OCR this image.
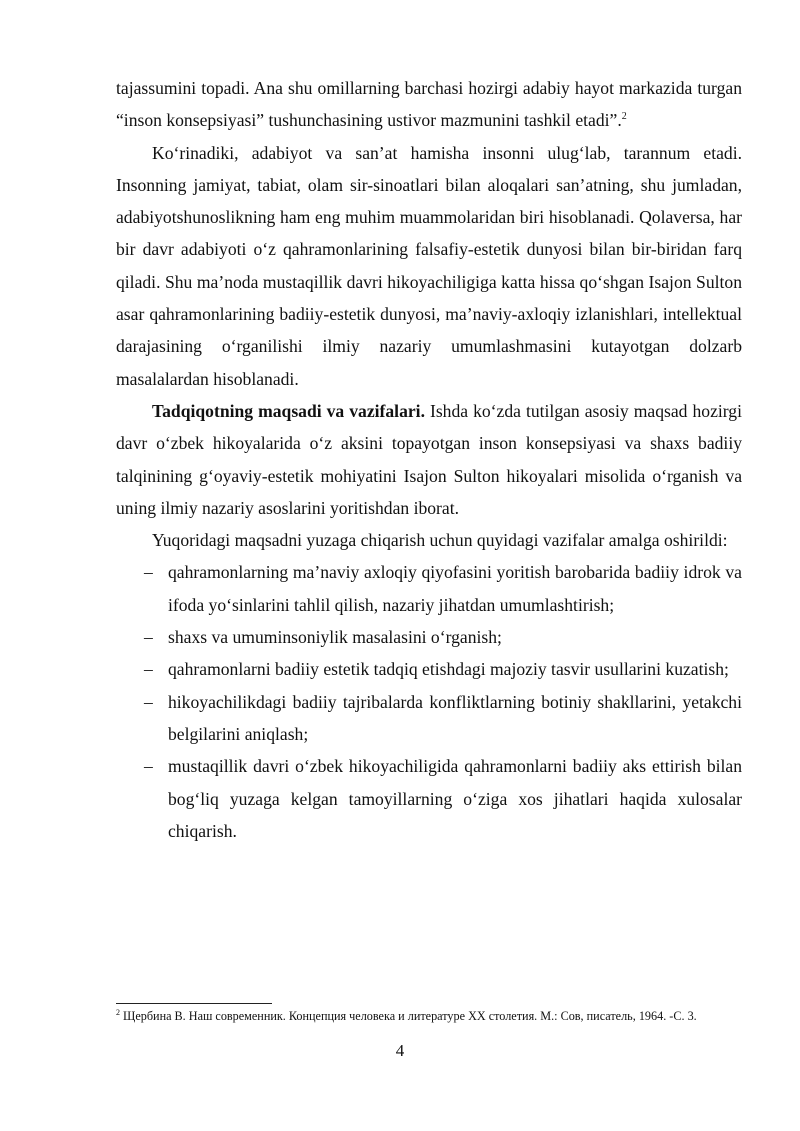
tajassumini topadi. Ana shu omillarning barchasi hozirgi adabiy hayot markazida turgan “inson konsepsiyasi” tushunchasining ustivor mazmunini tashkil etadi”.$^2$

Ko‘rinadiki, adabiyot va san’at hamisha insonni ulug‘lab, tarannum etadi. Insonning jamiyat, tabiat, olam sir-sinoatlari bilan aloqalari san’atning, shu jumladan, adabiyotshunoslikning ham eng muhim muammolaridan biri hisoblanadi. Qolaversa, har bir davr adabiyoti o‘z qahramonlarining falsafiy-estetik dunyosi bilan bir-biridan farq qiladi. Shu ma’noda mustaqillik davri hikoyachiligiga katta hissa qo‘shgan Isajon Sulton asar qahramonlarining badiiy-estetik dunyosi, ma’naviy-axloqiy izlanishlari, intellektual darajasining o‘rganilishi ilmiy nazariy umumlashmasini kutayotgan dolzarb masalalardan hisoblanadi.

Tadqiqotning maqsadi va vazifalari. Ishda ko‘zda tutilgan asosiy maqsad hozirgi davr o‘zbek hikoyalarida o‘z aksini topayotgan inson konsepsiyasi va shaxs badiiy talqinining g‘oyaviy-estetik mohiyatini Isajon Sulton hikoyalari misolida o‘rganish va uning ilmiy nazariy asoslarini yoritishdan iborat.

Yuqoridagi maqsadni yuzaga chiqarish uchun quyidagi vazifalar amalga oshirildi:

– qahramonlarning ma’naviy axloqiy qiyofasini yoritish barobarida badiiy idrok va ifoda yo‘sinlarini tahlil qilish, nazariy jihatdan umumlashtirish;
– shaxs va umuminsoniylik masalasini o‘rganish;
– qahramonlarni badiiy estetik tadqiq etishdagi majoziy tasvir usullarini kuzatish;
– hikoyachilikdagi badiiy tajribalarda konfliktlarning botiniy shakllarini, yetakchi belgilarini aniqlash;
– mustaqillik davri o‘zbek hikoyachiligida qahramonlarni badiiy aks ettirish bilan bog‘liq yuzaga kelgan tamoyillarning o‘ziga xos jihatlari haqida xulosalar chiqarish.
$^2$ Щербина В. Наш современник. Концепция человека и литературе ХХ столетия. М.: Сов, писатель, 1964. -С. 3.
4
